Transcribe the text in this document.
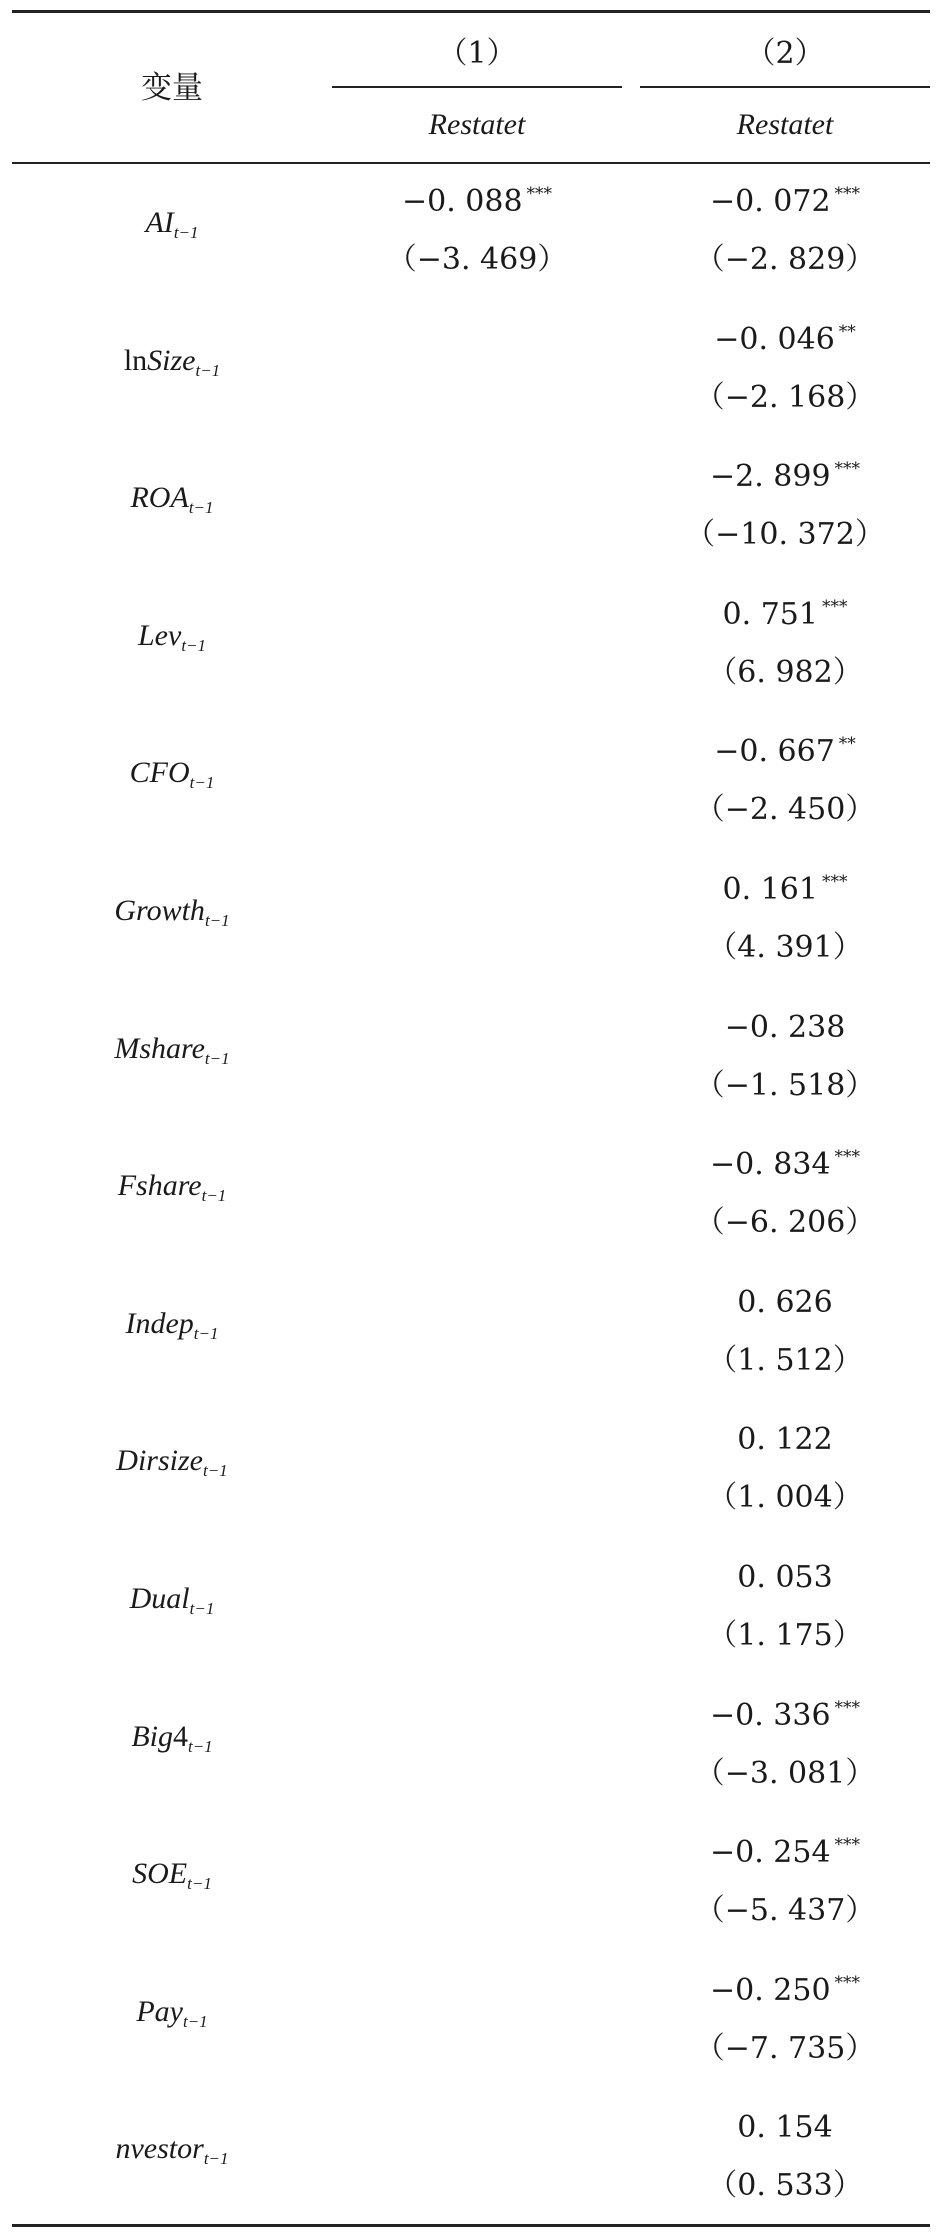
变量
（1）	（2）
Restatet	Restatet
$AI_{t-1}$
−0. 088 ***
（−3. 469）
−0. 072 ***
（−2. 829）
lnSize$_{t-1}$
−0. 046 **
（−2. 168）
$ROA_{t-1}$
−2. 899 ***
（−10. 372）
Lev$_{t-1}$
0. 751 ***
（6. 982）
$CFO_{t-1}$
−0. 667 **
（−2. 450）
Growth$_{t-1}$
0. 161 ***
（4. 391）
Mshare$_{t-1}$
−0. 238
（−1. 518）
Fshare$_{t-1}$
−0. 834 ***
（−6. 206）
Indep$_{t-1}$
0. 626
（1. 512）
Dirsize$_{t-1}$
0. 122
（1. 004）
Dual$_{t-1}$
0. 053
（1. 175）
$Big4_{t-1}$
−0. 336 ***
（−3. 081）
$SOE_{t-1}$
−0. 254 ***
（−5. 437）
Pay$_{t-1}$
−0. 250 ***
（−7. 735）
nvestor$_{t-1}$
0. 154
（0. 533）
